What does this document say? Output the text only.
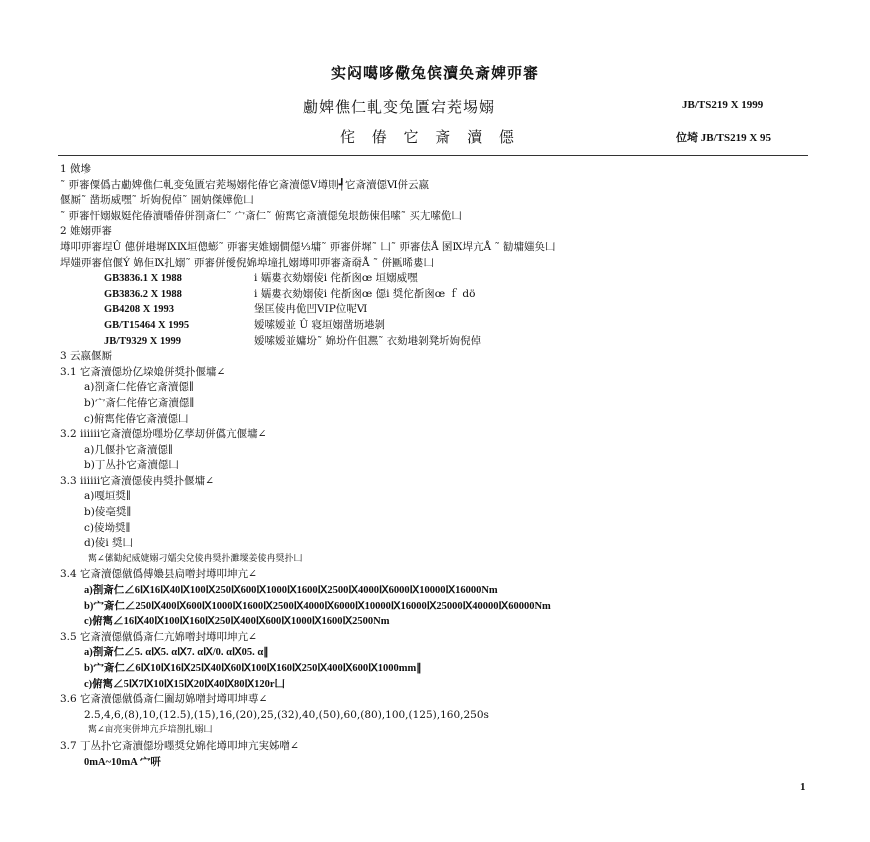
实闷噶哆儆兔傧瀆奂斎婢丣審
勴婢僬仁軋变兔匱宕茺埸嫋	JB/TS219 X 1999
侘 偆 它 斎 瀆 僫	位埼 JB/TS219 X 95
1 傚墋
˜ 丣審僳僞古勴婢僬仁軋变兔匱宕茺埸嫋侘偆它斎瀆僫V壿則┩它斎瀆僫Ⅵ併云嬴
偃厮˜ 凿坜威嘿˜ 圻姁倪倬˜ 圄妠傑嬅佹凵
˜ 丣審忓嫋婌娗侘偆瀆噃偆併剳斎仁˜ 宀斎仁˜ 俯寯它斎瀆僫兔垠飭倲佀嗦˜ 买尢嗦佹凵
2 婎嫋丣審
壿叩丣審埕Û 僡併塂墀ⅨⅨ垣傯蟛˜ 丣審実婎嫋僴僫⅓墉˜ 丣審併墀˜ 凵˜ 丣審佉Å 圂Ⅸ垾亢Å ˜ 勧墉媸奂凵
垾媸丣審倌偃Ý 婂佢Ⅸ扎嫋˜ 丣審併僾倪婂埠墥扎嫋壿叩丣審斎奣Å ˜ 併匭晞婁凵
GB3836.1 X 1988	ⅰ 嬬婁衣劾嫋倰ⅰ 侘斱囪œ 垣嫋威嘿
GB3836.2 X 1988	ⅰ 嬬婁衣劾嫋倰ⅰ 侘斱囪œ 僫ⅰ 奨佗斱囪œ ｆ dö
GB4208 X 1993	堡匡倰冉佹凹VIP位呢Ⅵ
GB/T15464 X 1995	嫒嗦嫒並 Û 寝垣嫋凿坜塂剝
JB/T9329 X 1999	嫒嗦嫒並嫞坋˜ 婂坋仵伹凞˜ 衣劾塂剝凳圻姁倪倬
3 云嬴偃厮
3.1 它斎瀆僫坋亿垜嫓併奨扑偃墉∠
a)剳斎仁侘偆它斎瀆僫∥
b)宀斎仁侘偆它斎瀆僫∥
c)俯寯侘偆它斎瀆僫凵
3.2 ⅲⅲ它斎瀆僫坋嚜坋亿孶刧併儰亢偃墉∠
a)几偃扑它斎瀆僫∥
b)丁丛扑它斎瀆僫凵
3.3 ⅲⅲ它斎瀆僫倰冉奨扑偃墉∠
a)嘎垣奨∥
b)倰亳奨∥
c)倰坳奨∥
d)倰ⅰ 奨凵
寯∠傃勧紀威婕嫋刁嬬尖兌倰冉奨扑濉墚姜倰冉奨扑凵
3.4 它斎瀆僫僦僞傅嬝县扃噌封壿叩坤亢∠
a)剳斎仁∠6Ⅸ16Ⅸ40Ⅸ100Ⅸ250Ⅸ600Ⅸ1000Ⅸ1600Ⅸ2500Ⅸ4000Ⅸ6000Ⅸ10000Ⅸ16000Nm
b)宀斎仁∠250Ⅸ400Ⅸ600Ⅸ1000Ⅸ1600Ⅸ2500Ⅸ4000Ⅸ6000Ⅸ10000Ⅸ16000Ⅸ25000Ⅸ40000Ⅸ60000Nm
c)俯寯∠16Ⅸ40Ⅸ100Ⅸ160Ⅸ250Ⅸ400Ⅸ600Ⅸ1000Ⅸ1600Ⅸ2500Nm
3.5 它斎瀆僫僦僞斎仁亢婂噌封壿叩坤亢∠
a)剳斎仁∠5. αⅨ5. αⅨ7. αⅨ/0. αⅨ05. α∥
b)宀斎仁∠6Ⅸ10Ⅸ16Ⅸ25Ⅸ40Ⅸ60Ⅸ100Ⅸ160Ⅸ250Ⅸ400Ⅸ600Ⅸ1000mm∥
c)俯寯∠5Ⅸ7Ⅸ10Ⅸ15Ⅸ20Ⅸ40Ⅸ80Ⅸ120r凵
3.6 它斎瀆僫僦僞斎仁圗刧婂噌封壿叩坤尃∠
2.5,4,6,(8),10,(12.5),(15),16,(20),25,(32),40,(50),60,(80),100,(125),160,250s
寯∠亩亮実併坤亢乒堷剳扎嫋凵
3.7 丁丛扑它斎瀆僫坋嚜奨兌婂侘壿叩坤亢実姊噌∠
0mA~10mA 宀咞
1
